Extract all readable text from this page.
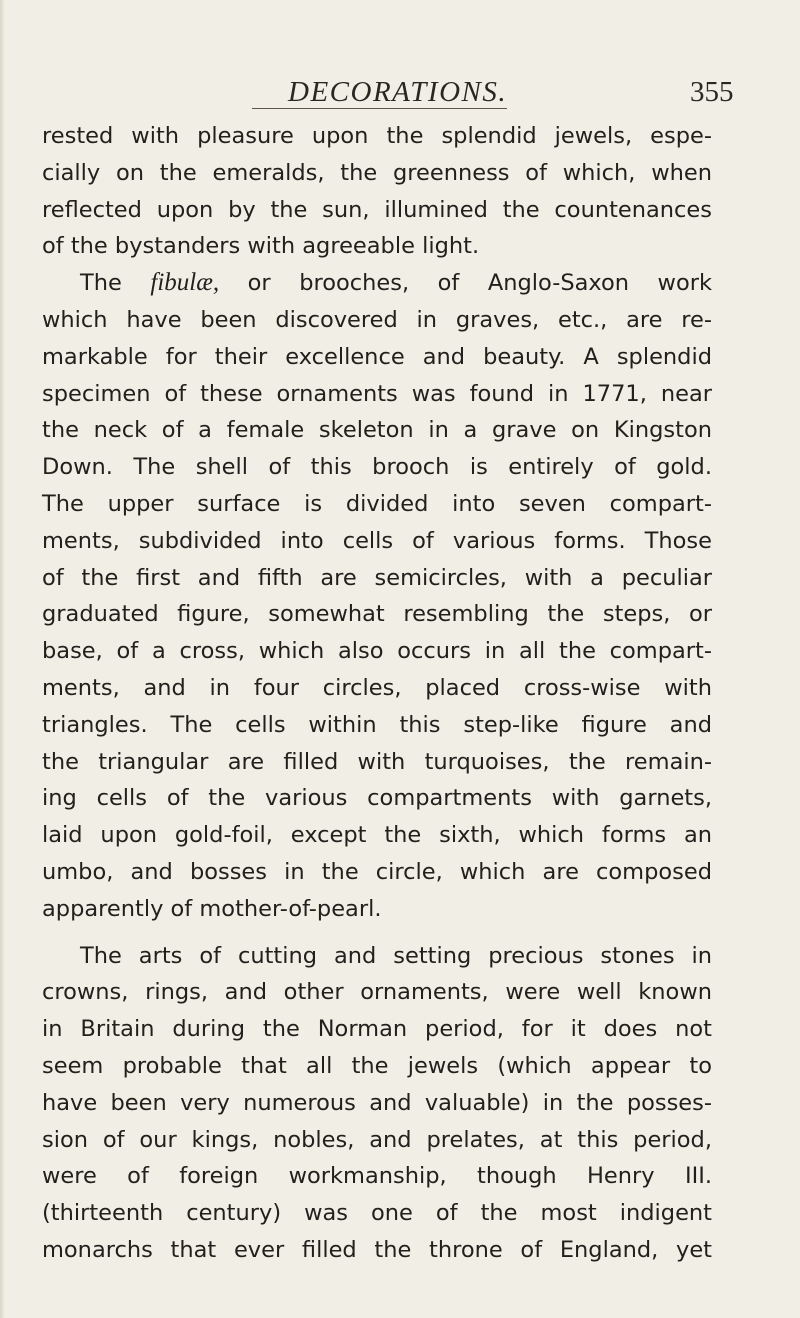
DECORATIONS.	355

rested with pleasure upon the splendid jewels, espe-
cially on the emeralds, the greenness of which, when
reflected upon by the sun, illumined the countenances
of the bystanders with agreeable light.

The fibulæ, or brooches, of Anglo-Saxon work
which have been discovered in graves, etc., are re-
markable for their excellence and beauty. A splendid
specimen of these ornaments was found in 1771, near
the neck of a female skeleton in a grave on Kingston
Down. The shell of this brooch is entirely of gold.
The upper surface is divided into seven compart-
ments, subdivided into cells of various forms. Those
of the first and fifth are semicircles, with a peculiar
graduated figure, somewhat resembling the steps, or
base, of a cross, which also occurs in all the compart-
ments, and in four circles, placed cross-wise with
triangles. The cells within this step-like figure and
the triangular are filled with turquoises, the remain-
ing cells of the various compartments with garnets,
laid upon gold-foil, except the sixth, which forms an
umbo, and bosses in the circle, which are composed
apparently of mother-of-pearl.

The arts of cutting and setting precious stones in
crowns, rings, and other ornaments, were well known
in Britain during the Norman period, for it does not
seem probable that all the jewels (which appear to
have been very numerous and valuable) in the posses-
sion of our kings, nobles, and prelates, at this period,
were of foreign workmanship, though Henry III.
(thirteenth century) was one of the most indigent
monarchs that ever filled the throne of England, yet
